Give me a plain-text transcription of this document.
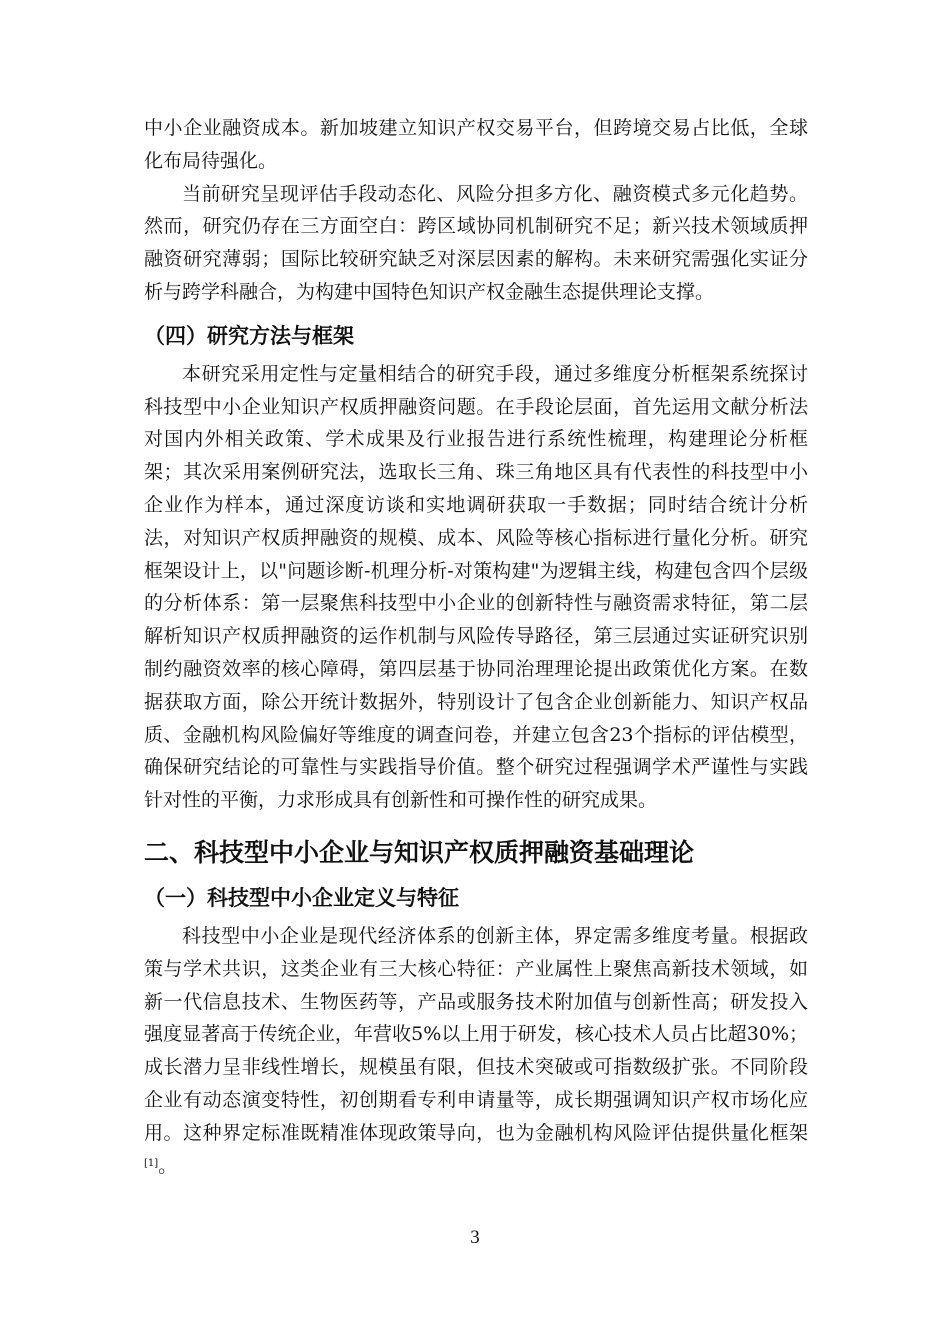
中小企业融资成本。新加坡建立知识产权交易平台，但跨境交易占比低，全球化布局待强化。

当前研究呈现评估手段动态化、风险分担多方化、融资模式多元化趋势。然而，研究仍存在三方面空白：跨区域协同机制研究不足；新兴技术领域质押融资研究薄弱；国际比较研究缺乏对深层因素的解构。未来研究需强化实证分析与跨学科融合，为构建中国特色知识产权金融生态提供理论支撑。

（四）研究方法与框架

本研究采用定性与定量相结合的研究手段，通过多维度分析框架系统探讨科技型中小企业知识产权质押融资问题。在手段论层面，首先运用文献分析法对国内外相关政策、学术成果及行业报告进行系统性梳理，构建理论分析框架；其次采用案例研究法，选取长三角、珠三角地区具有代表性的科技型中小企业作为样本，通过深度访谈和实地调研获取一手数据；同时结合统计分析法，对知识产权质押融资的规模、成本、风险等核心指标进行量化分析。研究框架设计上，以"问题诊断-机理分析-对策构建"为逻辑主线，构建包含四个层级的分析体系：第一层聚焦科技型中小企业的创新特性与融资需求特征，第二层解析知识产权质押融资的运作机制与风险传导路径，第三层通过实证研究识别制约融资效率的核心障碍，第四层基于协同治理理论提出政策优化方案。在数据获取方面，除公开统计数据外，特别设计了包含企业创新能力、知识产权品质、金融机构风险偏好等维度的调查问卷，并建立包含23个指标的评估模型，确保研究结论的可靠性与实践指导价值。整个研究过程强调学术严谨性与实践针对性的平衡，力求形成具有创新性和可操作性的研究成果。

二、科技型中小企业与知识产权质押融资基础理论
（一）科技型中小企业定义与特征

科技型中小企业是现代经济体系的创新主体，界定需多维度考量。根据政策与学术共识，这类企业有三大核心特征：产业属性上聚焦高新技术领域，如新一代信息技术、生物医药等，产品或服务技术附加值与创新性高；研发投入强度显著高于传统企业，年营收5%以上用于研发，核心技术人员占比超30%；成长潜力呈非线性增长，规模虽有限，但技术突破或可指数级扩张。不同阶段企业有动态演变特性，初创期看专利申请量等，成长期强调知识产权市场化应用。这种界定标准既精准体现政策导向，也为金融机构风险评估提供量化框架[1]。

3
